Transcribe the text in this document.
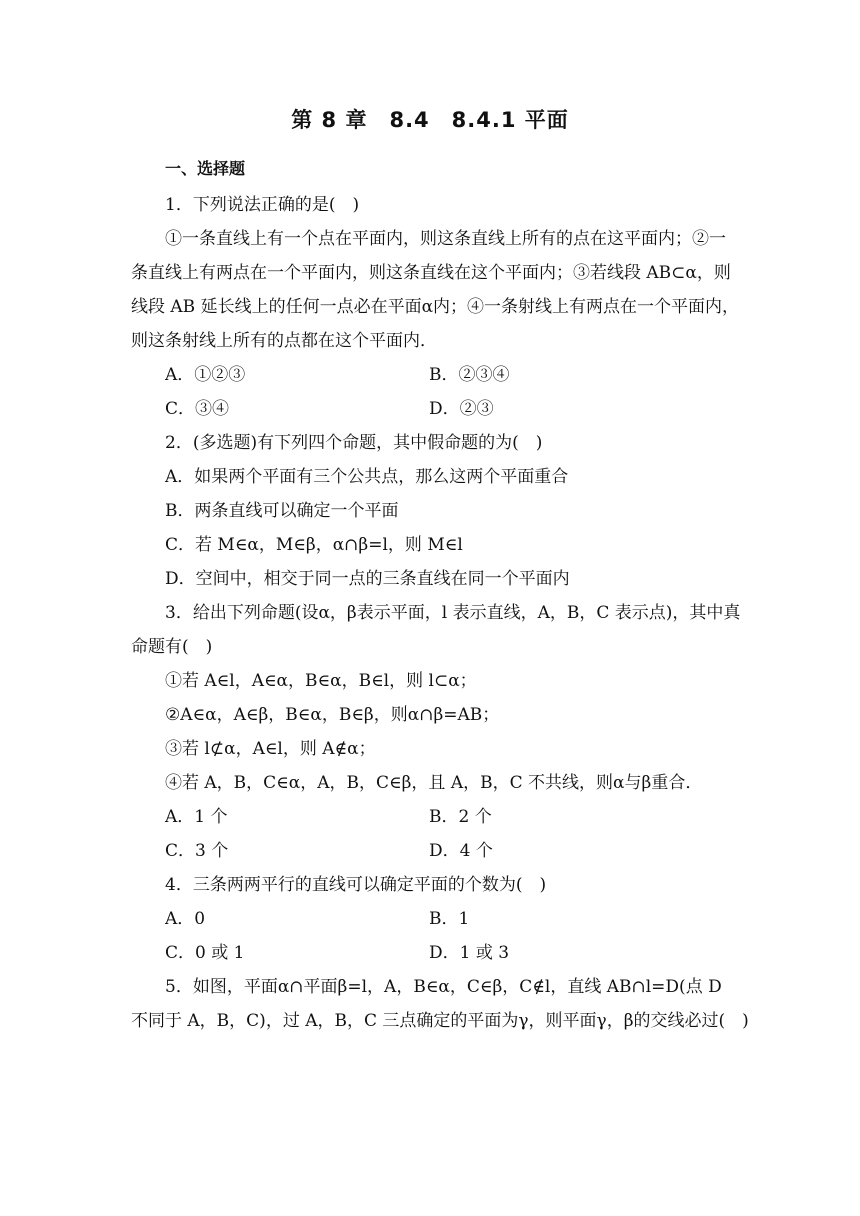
第 8 章　8.4　8.4.1 平面
一、选择题
1．下列说法正确的是(　)
①一条直线上有一个点在平面内，则这条直线上所有的点在这平面内；②一
条直线上有两点在一个平面内，则这条直线在这个平面内；③若线段 AB⊂α，则
线段 AB 延长线上的任何一点必在平面α内；④一条射线上有两点在一个平面内，
则这条射线上所有的点都在这个平面内．
A．①②③	B．②③④
C．③④	D．②③
2．(多选题)有下列四个命题，其中假命题的为(　)
A．如果两个平面有三个公共点，那么这两个平面重合
B．两条直线可以确定一个平面
C．若 M∈α，M∈β，α∩β=l，则 M∈l
D．空间中，相交于同一点的三条直线在同一个平面内
3．给出下列命题(设α，β表示平面，l 表示直线，A，B，C 表示点)，其中真
命题有(　)
①若 A∈l，A∈α，B∈α，B∈l，则 l⊂α；
②A∈α，A∈β，B∈α，B∈β，则α∩β=AB；
③若 l⊄α，A∈l，则 A∉α；
④若 A，B，C∈α，A，B，C∈β，且 A，B，C 不共线，则α与β重合．
A．1 个	B．2 个
C．3 个	D．4 个
4．三条两两平行的直线可以确定平面的个数为(　)
A．0	B．1
C．0 或 1	D．1 或 3
5．如图，平面α∩平面β=l，A，B∈α，C∈β，C∉l，直线 AB∩l=D(点 D
不同于 A，B，C)，过 A，B，C 三点确定的平面为γ，则平面γ，β的交线必过(　)
